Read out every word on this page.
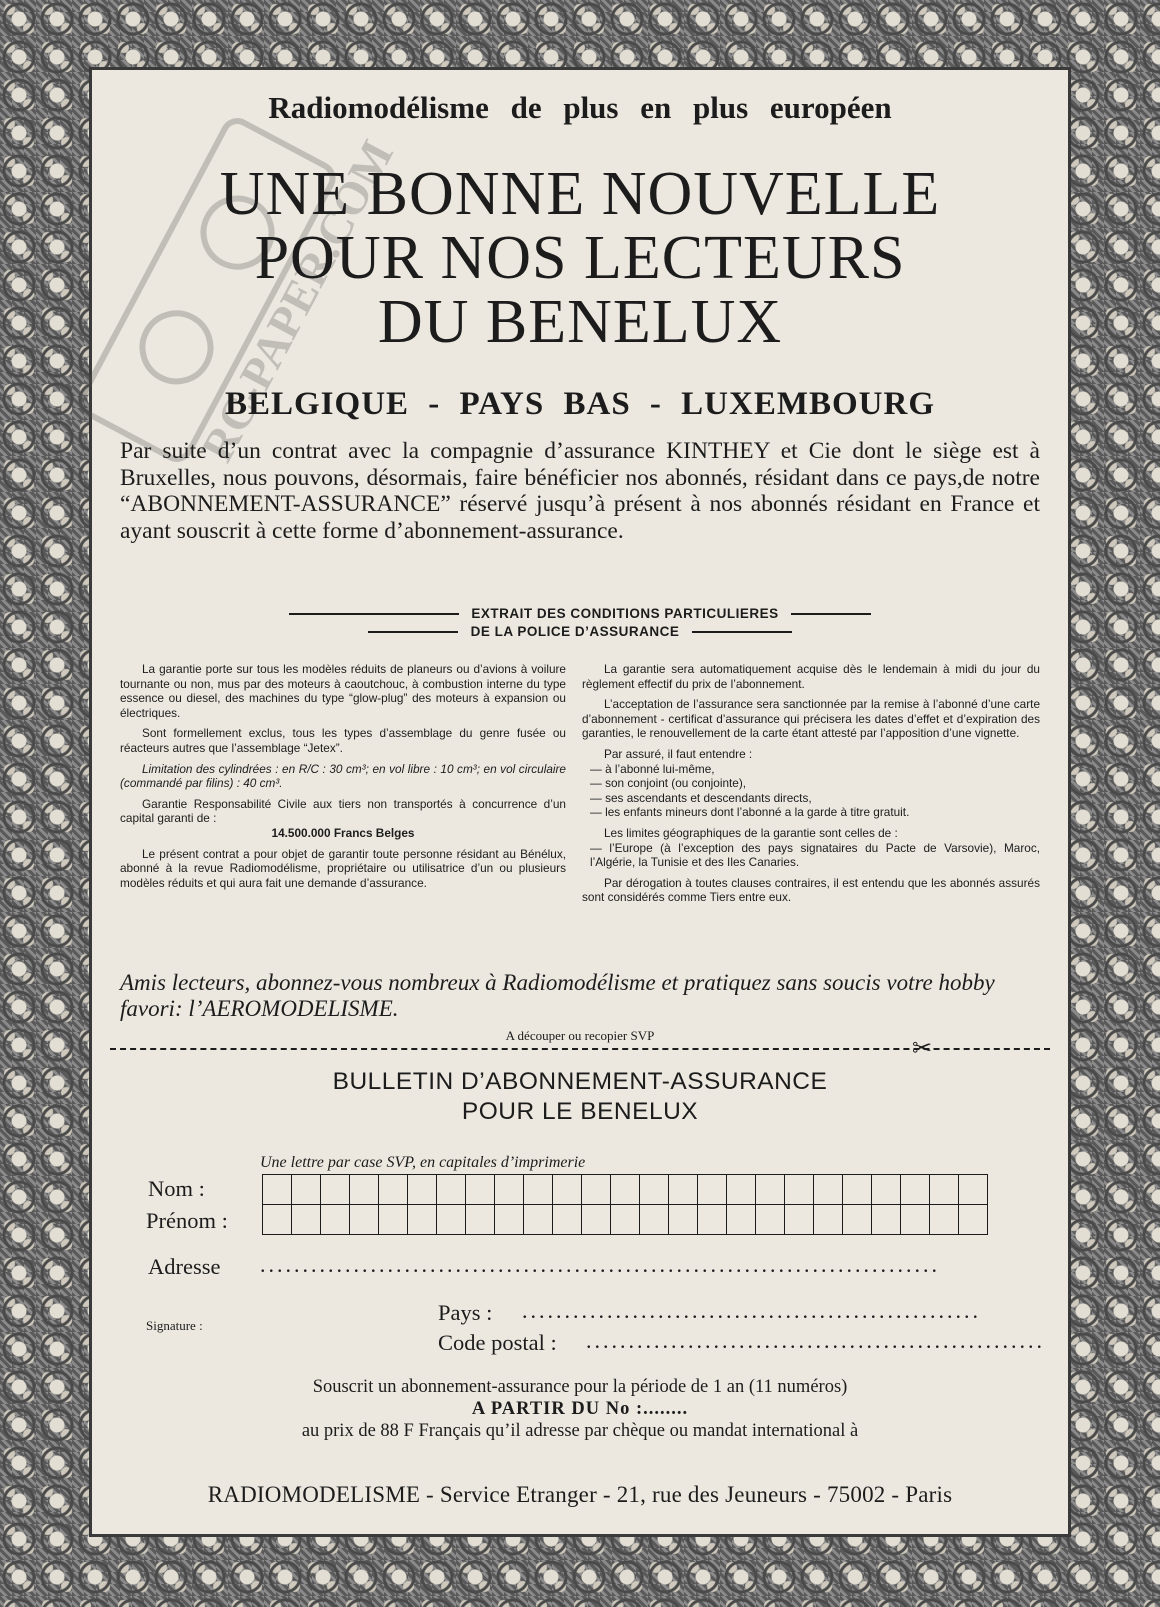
RC-PAPER.COM
Radiomodélisme de plus en plus européen
UNE BONNE NOUVELLE
POUR NOS LECTEURS
DU BENELUX
BELGIQUE - PAYS BAS - LUXEMBOURG
Par suite d’un contrat avec la compagnie d’assurance KINTHEY et Cie dont le siège est à Bruxelles, nous pouvons, désormais, faire bénéficier nos abonnés, résidant dans ce pays,de notre “ABONNEMENT-ASSURANCE” réservé jusqu’à présent à nos abonnés résidant en France et ayant souscrit à cette forme d’abonnement-assurance.
EXTRAIT DES CONDITIONS PARTICULIERES
DE LA POLICE D’ASSURANCE

La garantie porte sur tous les modèles réduits de planeurs ou d’avions à voilure tournante ou non, mus par des moteurs à caoutchouc, à combustion interne du type essence ou diesel, des machines du type “glow-plug” des moteurs à expansion ou électriques.

Sont formellement exclus, tous les types d’assemblage du genre fusée ou réacteurs autres que l’assemblage “Jetex”.

Limitation des cylindrées : en R/C : 30 cm³; en vol libre : 10 cm³; en vol circulaire (commandé par filins) : 40 cm³.

Garantie Responsabilité Civile aux tiers non transportés à concurrence d’un capital garanti de :

14.500.000 Francs Belges

Le présent contrat a pour objet de garantir toute personne résidant au Bénélux, abonné à la revue Radiomodélisme, propriétaire ou utilisatrice d’un ou plusieurs modèles réduits et qui aura fait une demande d’assurance.

La garantie sera automatiquement acquise dès le lendemain à midi du jour du règlement effectif du prix de l’abonnement.

L’acceptation de l’assurance sera sanctionnée par la remise à l’abonné d’une carte d’abonnement - certificat d’assurance qui précisera les dates d’effet et d’expiration des garanties, le renouvellement de la carte étant attesté par l’apposition d’une vignette.

Par assuré, il faut entendre :

— à l’abonné lui-même,
— son conjoint (ou conjointe),
— ses ascendants et descendants directs,
— les enfants mineurs dont l’abonné a la garde à titre gratuit.

Les limites géographiques de la garantie sont celles de :

— l’Europe (à l’exception des pays signataires du Pacte de Varsovie), Maroc, l’Algérie, la Tunisie et des Iles Canaries.

Par dérogation à toutes clauses contraires, il est entendu que les abonnés assurés sont considérés comme Tiers entre eux.

Amis lecteurs, abonnez-vous nombreux à Radiomodélisme et pratiquez sans soucis votre hobby favori: l’AEROMODELISME.
A découper ou recopier SVP
✂
BULLETIN D’ABONNEMENT-ASSURANCE
POUR LE BENELUX
Une lettre par case SVP, en capitales d’imprimerie
Nom :
Prénom :
Adresse ................................................................................
Signature :
Pays : ......................................................
Code postal : ......................................................
Souscrit un abonnement-assurance pour la période de 1 an (11 numéros)
A PARTIR DU No :........
au prix de 88 F Français qu’il adresse par chèque ou mandat international à
RADIOMODELISME - Service Etranger - 21, rue des Jeuneurs - 75002 - Paris
